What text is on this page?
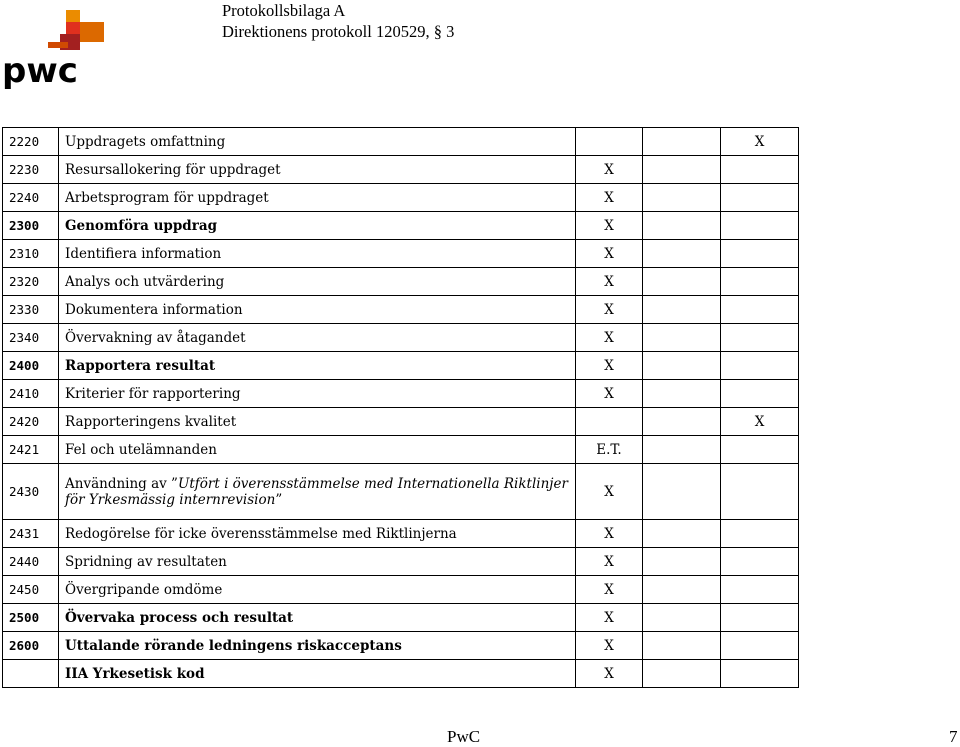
pwc
Protokollsbilaga A
Direktionens protokoll 120529, § 3
2220	Uppdragets omfattning			X
2230	Resursallokering för uppdraget	X		
2240	Arbetsprogram för uppdraget	X		
2300	Genomföra uppdrag	X		
2310	Identifiera information	X		
2320	Analys och utvärdering	X		
2330	Dokumentera information	X		
2340	Övervakning av åtagandet	X		
2400	Rapportera resultat	X		
2410	Kriterier för rapportering	X		
2420	Rapporteringens kvalitet			X
2421	Fel och utelämnanden	E.T.		
2430	Användning av ”Utfört i överensstämmelse med Internationella Riktlinjer för Yrkesmässig internrevision”	X		
2431	Redogörelse för icke överensstämmelse med Riktlinjerna	X		
2440	Spridning av resultaten	X		
2450	Övergripande omdöme	X		
2500	Övervaka process och resultat	X		
2600	Uttalande rörande ledningens riskacceptans	X		
	IIA Yrkesetisk kod	X		
PwC	7
